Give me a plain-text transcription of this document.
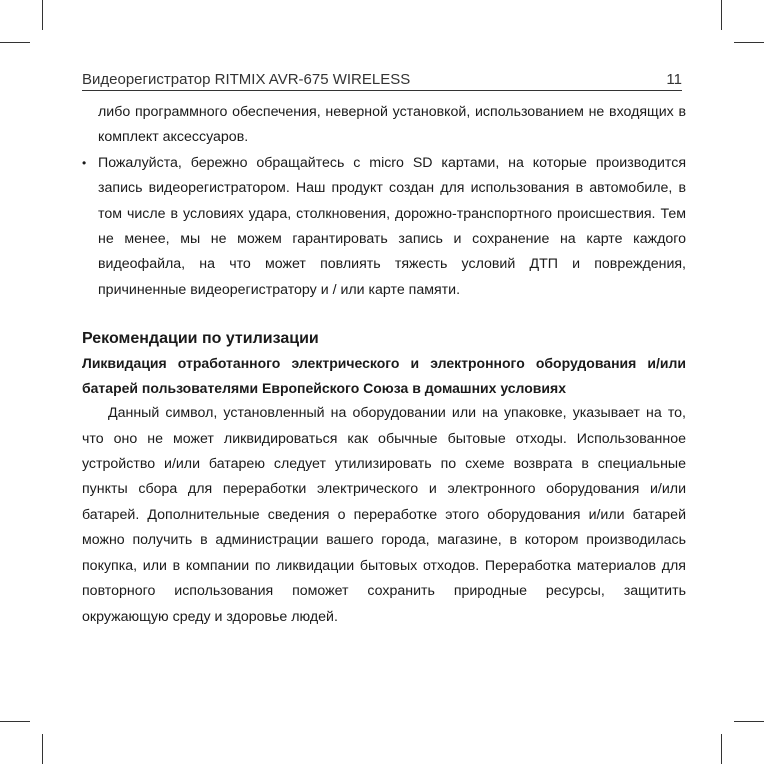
Видеорегистратор RITMIX AVR-675 WIRELESS	11

либо программного обеспечения, неверной установкой, использованием не входящих в комплект аксессуаров.

• Пожалуйста, бережно обращайтесь с micro SD картами, на которые производится запись видеорегистратором. Наш продукт создан для использования в автомобиле, в том числе в условиях удара, столкновения, дорожно-транспортного происшествия. Тем не менее, мы не можем гарантировать запись и сохранение на карте каждого видеофайла, на что может повлиять тяжесть условий ДТП и повреждения, причиненные видеорегистратору и / или карте памяти.
Рекомендации по утилизации

Ликвидация отработанного электрического и электронного оборудования и/или батарей пользователями Европейского Союза в домашних условиях

Данный символ, установленный на оборудовании или на упаковке, указывает на то, что оно не может ликвидироваться как обычные бытовые отходы. Использованное устройство и/или батарею следует утилизировать по схеме возврата в специальные пункты сбора для переработки электрического и электронного оборудования и/или батарей. Дополнительные сведения о переработке этого оборудования и/или батарей можно получить в администрации вашего города, магазине, в котором производилась покупка, или в компании по ликвидации бытовых отходов. Переработка материалов для повторного использования поможет сохранить природные ресурсы, защитить окружающую среду и здоровье людей.
